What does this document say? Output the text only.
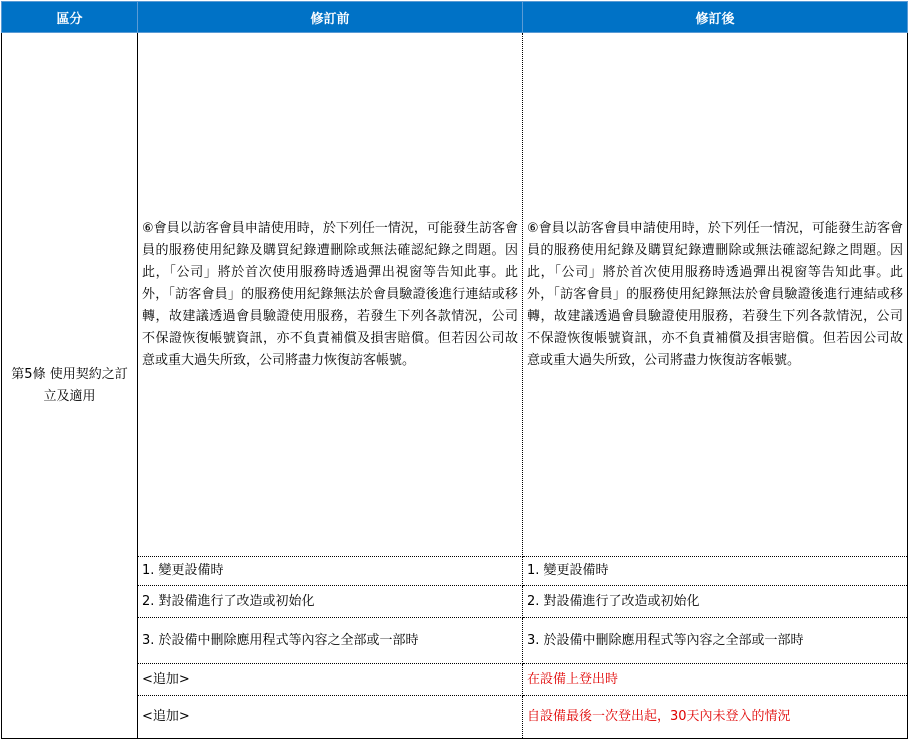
區分	修訂前	修訂後
第5條 使用契約之訂立及適用	⑥會員以訪客會員申請使用時，於下列任一情況，可能發生訪客會員的服務使用紀錄及購買紀錄遭刪除或無法確認紀錄之問題。因此，「公司」將於首次使用服務時透過彈出視窗等告知此事。此外，「訪客會員」的服務使用紀錄無法於會員驗證後進行連結或移轉，故建議透過會員驗證使用服務，若發生下列各款情況，公司不保證恢復帳號資訊，亦不負責補償及損害賠償。但若因公司故意或重大過失所致，公司將盡力恢復訪客帳號。	⑥會員以訪客會員申請使用時，於下列任一情況，可能發生訪客會員的服務使用紀錄及購買紀錄遭刪除或無法確認紀錄之問題。因此，「公司」將於首次使用服務時透過彈出視窗等告知此事。此外，「訪客會員」的服務使用紀錄無法於會員驗證後進行連結或移轉，故建議透過會員驗證使用服務，若發生下列各款情況，公司不保證恢復帳號資訊，亦不負責補償及損害賠償。但若因公司故意或重大過失所致，公司將盡力恢復訪客帳號。
	1. 變更設備時	1. 變更設備時
	2. 對設備進行了改造或初始化	2. 對設備進行了改造或初始化
	3. 於設備中刪除應用程式等內容之全部或一部時	3. 於設備中刪除應用程式等內容之全部或一部時
	<追加>	在設備上登出時
	<追加>	自設備最後一次登出起，30天內未登入的情況
